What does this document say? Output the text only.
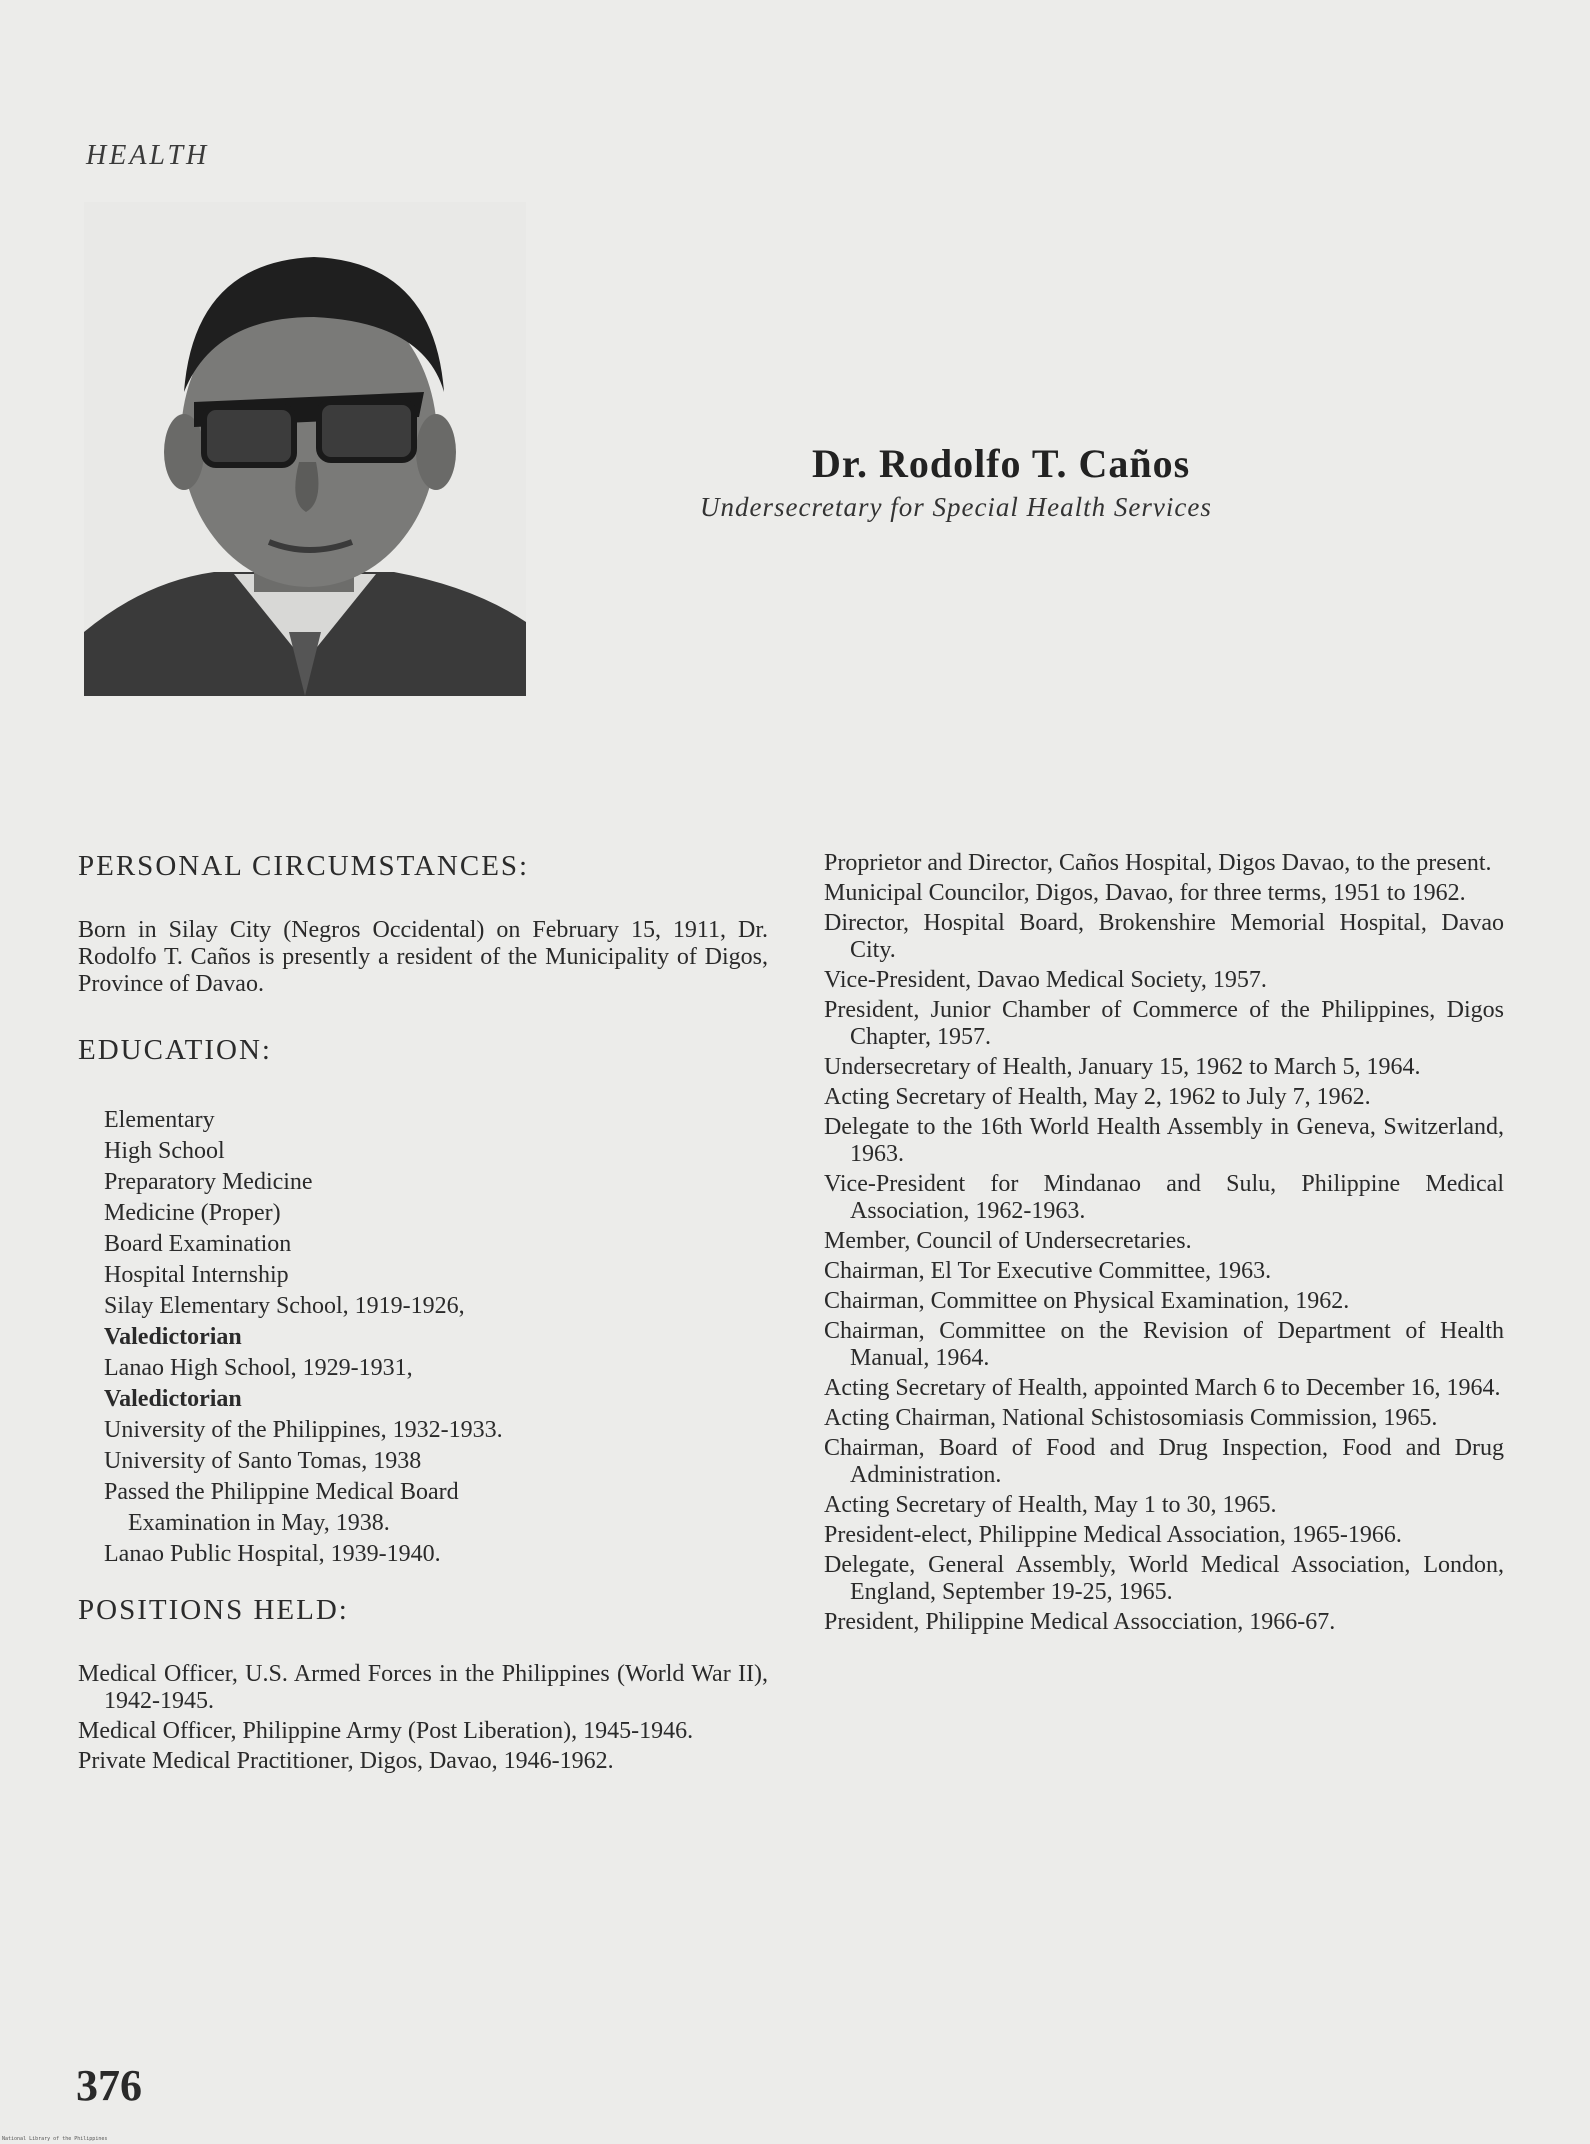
HEALTH
Dr. Rodolfo T. Caños
Undersecretary for Special Health Services
PERSONAL CIRCUMSTANCES:

Born in Silay City (Negros Occidental) on February 15, 1911, Dr. Rodolfo T. Caños is presently a resident of the Municipality of Digos, Province of Davao.

EDUCATION:
Elementary
High School
Preparatory Medicine
Medicine (Proper)
Board Examination
Hospital Internship
Silay Elementary School, 1919-1926,
Valedictorian
Lanao High School, 1929-1931,
Valedictorian
University of the Philippines, 1932-1933.
University of Santo Tomas, 1938
Passed the Philippine Medical Board
Examination in May, 1938.
Lanao Public Hospital, 1939-1940.
POSITIONS HELD:

Medical Officer, U.S. Armed Forces in the Philippines (World War II), 1942-1945.

Medical Officer, Philippine Army (Post Liberation), 1945-1946.

Private Medical Practitioner, Digos, Davao, 1946-1962.

Proprietor and Director, Caños Hospital, Digos Davao, to the present.

Municipal Councilor, Digos, Davao, for three terms, 1951 to 1962.

Director, Hospital Board, Brokenshire Memorial Hospital, Davao City.

Vice-President, Davao Medical Society, 1957.

President, Junior Chamber of Commerce of the Philippines, Digos Chapter, 1957.

Undersecretary of Health, January 15, 1962 to March 5, 1964.

Acting Secretary of Health, May 2, 1962 to July 7, 1962.

Delegate to the 16th World Health Assembly in Geneva, Switzerland, 1963.

Vice-President for Mindanao and Sulu, Philippine Medical Association, 1962-1963.

Member, Council of Undersecretaries.

Chairman, El Tor Executive Committee, 1963.

Chairman, Committee on Physical Examination, 1962.

Chairman, Committee on the Revision of Department of Health Manual, 1964.

Acting Secretary of Health, appointed March 6 to December 16, 1964.

Acting Chairman, National Schistosomiasis Commission, 1965.

Chairman, Board of Food and Drug Inspection, Food and Drug Administration.

Acting Secretary of Health, May 1 to 30, 1965.

President-elect, Philippine Medical Association, 1965-1966.

Delegate, General Assembly, World Medical Association, London, England, September 19-25, 1965.

President, Philippine Medical Assocciation, 1966-67.

376
National Library of the Philippines
